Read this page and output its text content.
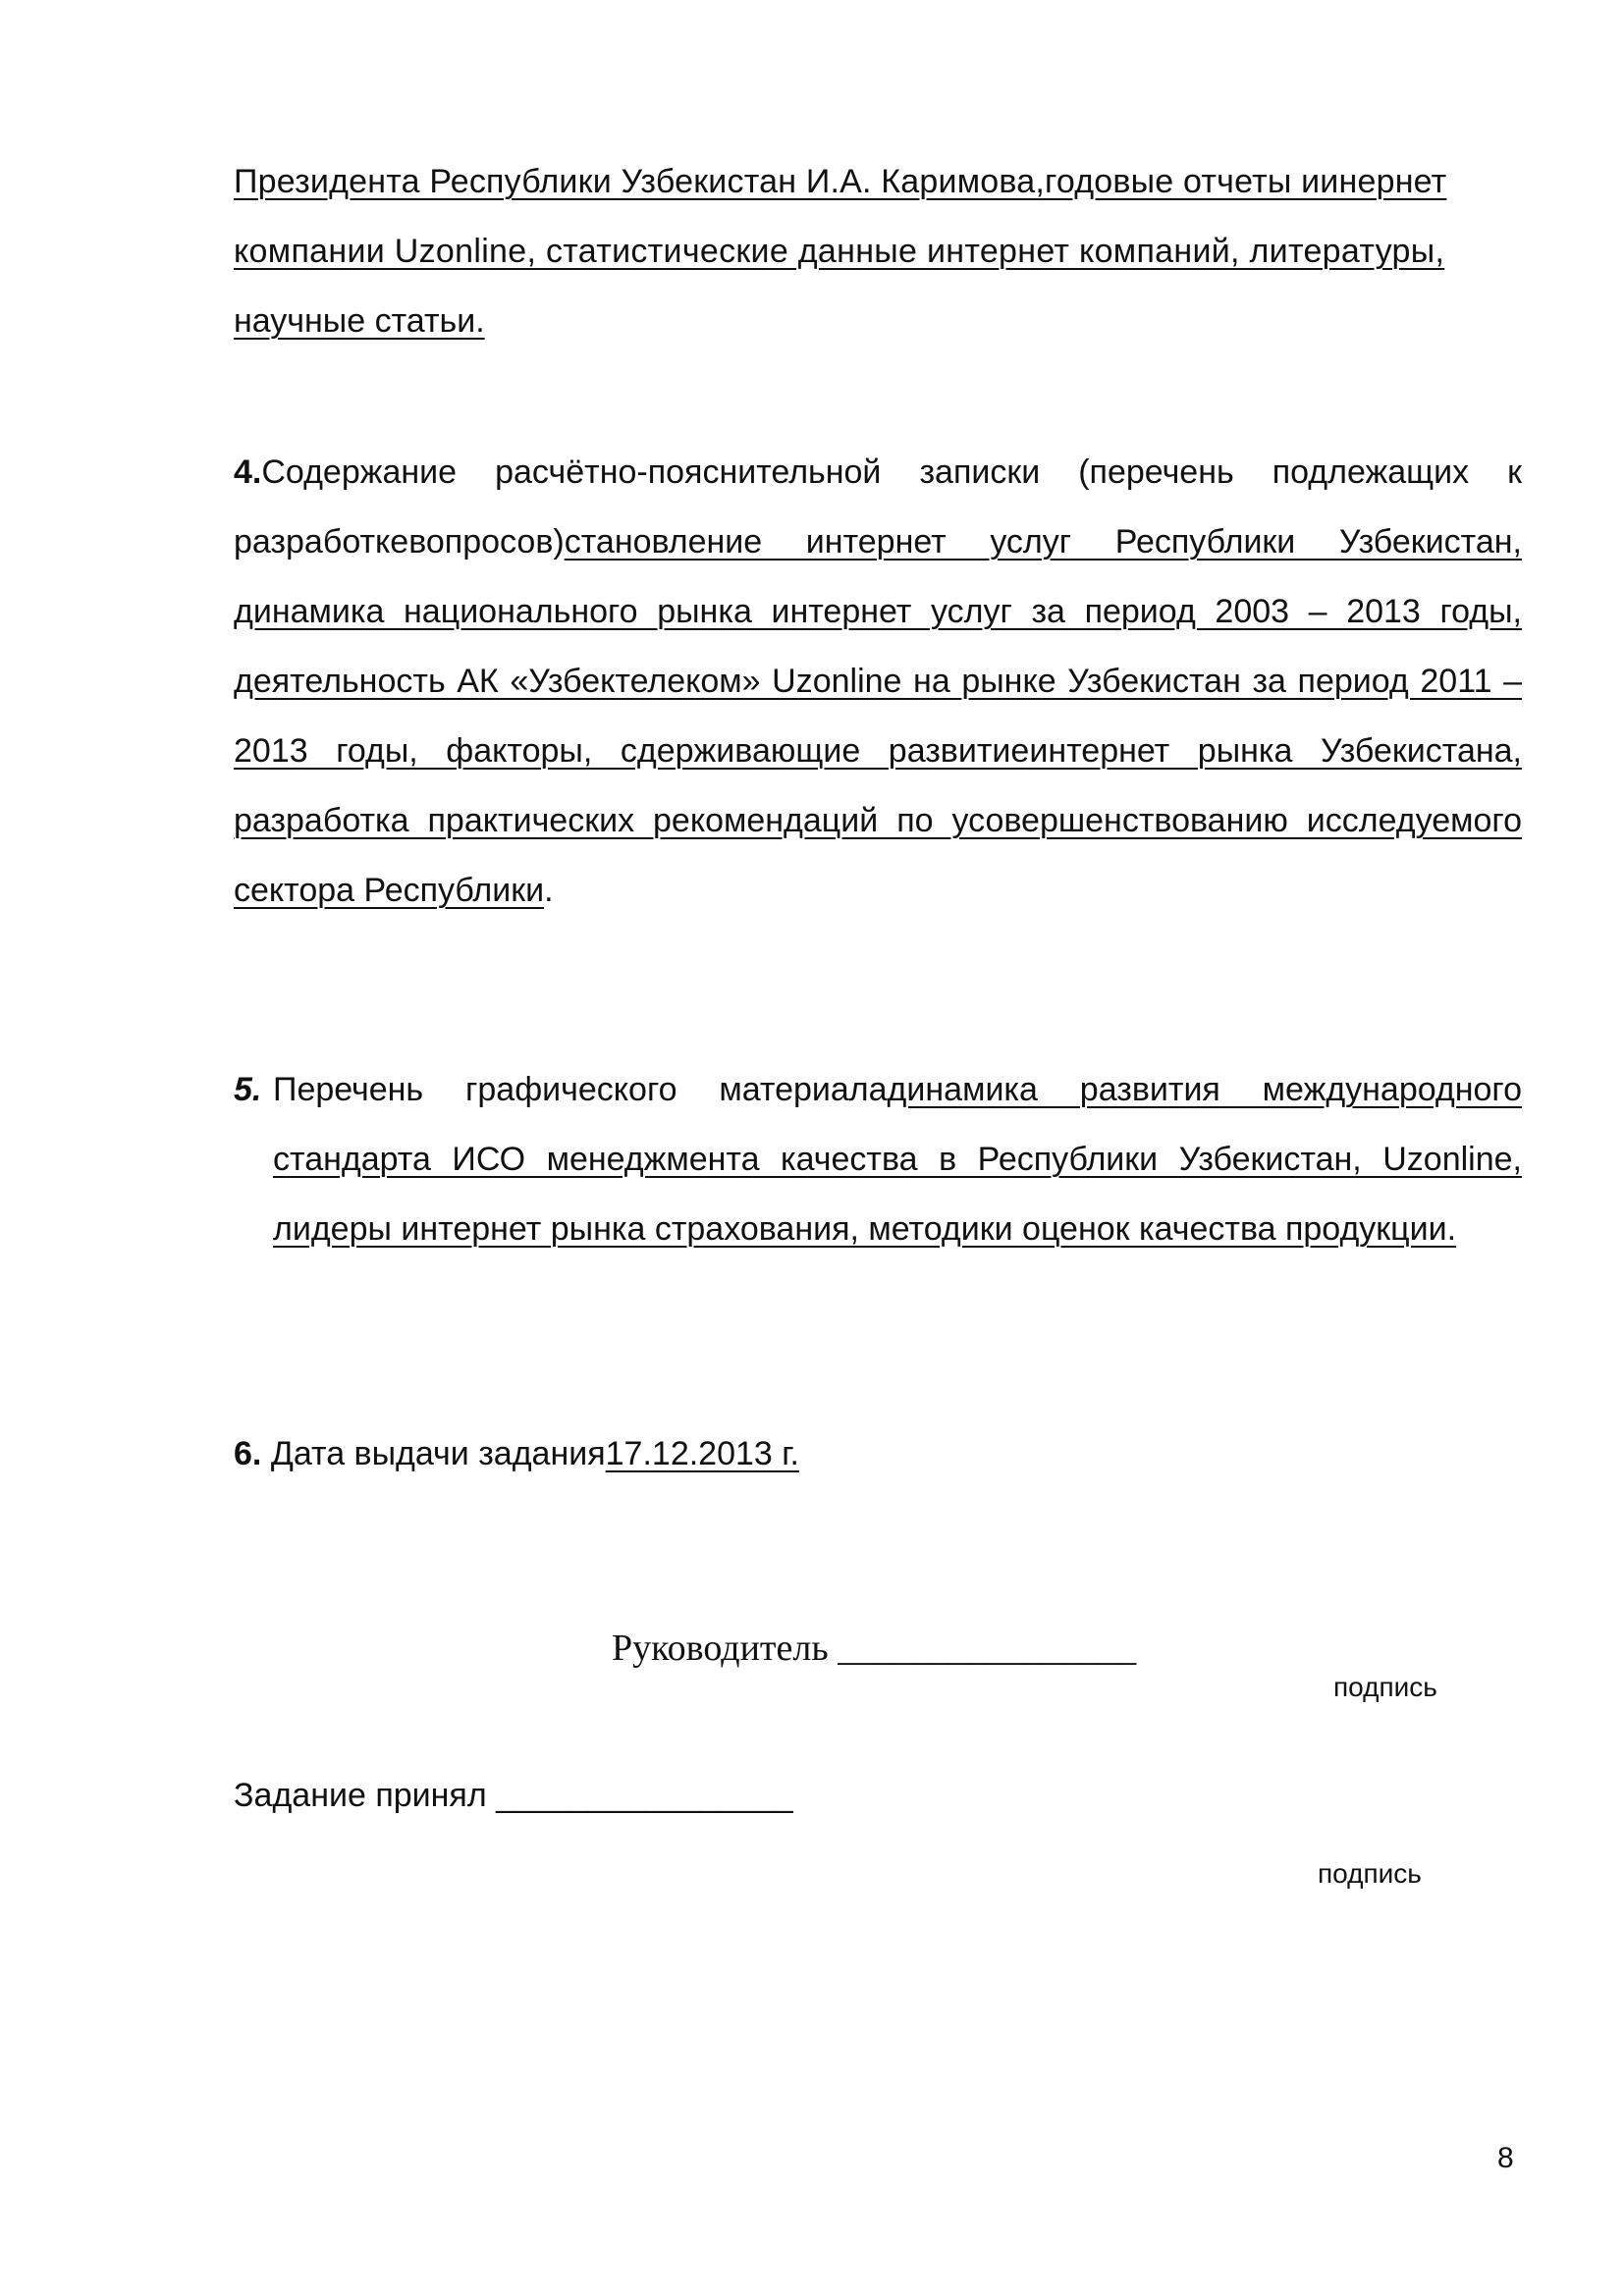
Президента Республики Узбекистан И.А. Каримова,годовые отчеты иинернет
компании Uzonline, статистические данные интернет компаний, литературы,
научные статьи.

4.Содержание расчётно-пояснительной записки (перечень подлежащих к разработкевопросов)становление интернет услуг Республики Узбекистан, динамика национального рынка интернет услуг за период 2003 – 2013 годы, деятельность АК «Узбектелеком» Uzonline на рынке Узбекистан за период 2011 – 2013 годы, факторы, сдерживающие развитиеинтернет рынка Узбекистана, разработка практических рекомендаций по усовершенствованию исследуемого сектора Республики.

5. Перечень графического материаладинамика развития международного стандарта ИСО менеджмента качества в Республики Узбекистан, Uzonline, лидеры интернет рынка страхования, методики оценок качества продукции.

6. Дата выдачи задания17.12.2013 г.
Руководитель ________________
подпись
Задание принял ________________
подпись
8
